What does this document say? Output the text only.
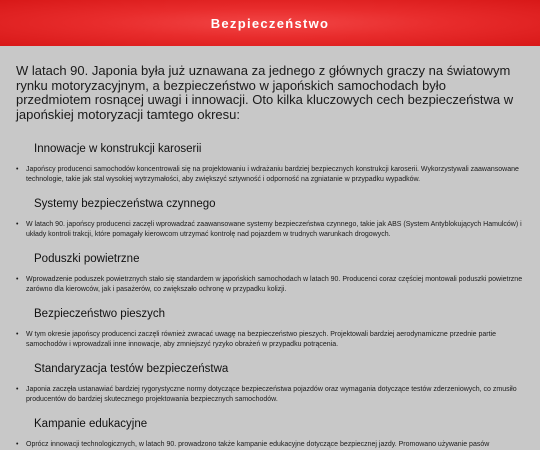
Bezpieczeństwo

W latach 90. Japonia była już uznawana za jednego z głównych graczy na światowym rynku motoryzacyjnym, a bezpieczeństwo w japońskich samochodach było przedmiotem rosnącej uwagi i innowacji. Oto kilka kluczowych cech bezpieczeństwa w japońskiej motoryzacji tamtego okresu:

Innowacje w konstrukcji karoserii
• Japońscy producenci samochodów koncentrowali się na projektowaniu i wdrażaniu bardziej bezpiecznych konstrukcji karoserii. Wykorzystywali zaawansowane technologie, takie jak stal wysokiej wytrzymałości, aby zwiększyć sztywność i odporność na zgniatanie w przypadku wypadków.
Systemy bezpieczeństwa czynnego
• W latach 90. japońscy producenci zaczęli wprowadzać zaawansowane systemy bezpieczeństwa czynnego, takie jak ABS (System Antyblokujących Hamulców) i układy kontroli trakcji, które pomagały kierowcom utrzymać kontrolę nad pojazdem w trudnych warunkach drogowych.
Poduszki powietrzne
• Wprowadzenie poduszek powietrznych stało się standardem w japońskich samochodach w latach 90. Producenci coraz częściej montowali poduszki powietrzne zarówno dla kierowców, jak i pasażerów, co zwiększało ochronę w przypadku kolizji.
Bezpieczeństwo pieszych
• W tym okresie japońscy producenci zaczęli również zwracać uwagę na bezpieczeństwo pieszych. Projektowali bardziej aerodynamiczne przednie partie samochodów i wprowadzali inne innowacje, aby zmniejszyć ryzyko obrażeń w przypadku potrącenia.
Standaryzacja testów bezpieczeństwa
• Japonia zaczęła ustanawiać bardziej rygorystyczne normy dotyczące bezpieczeństwa pojazdów oraz wymagania dotyczące testów zderzeniowych, co zmusiło producentów do bardziej skutecznego projektowania bezpiecznych samochodów.
Kampanie edukacyjne
• Oprócz innowacji technologicznych, w latach 90. prowadzono także kampanie edukacyjne dotyczące bezpiecznej jazdy. Promowano używanie pasów
